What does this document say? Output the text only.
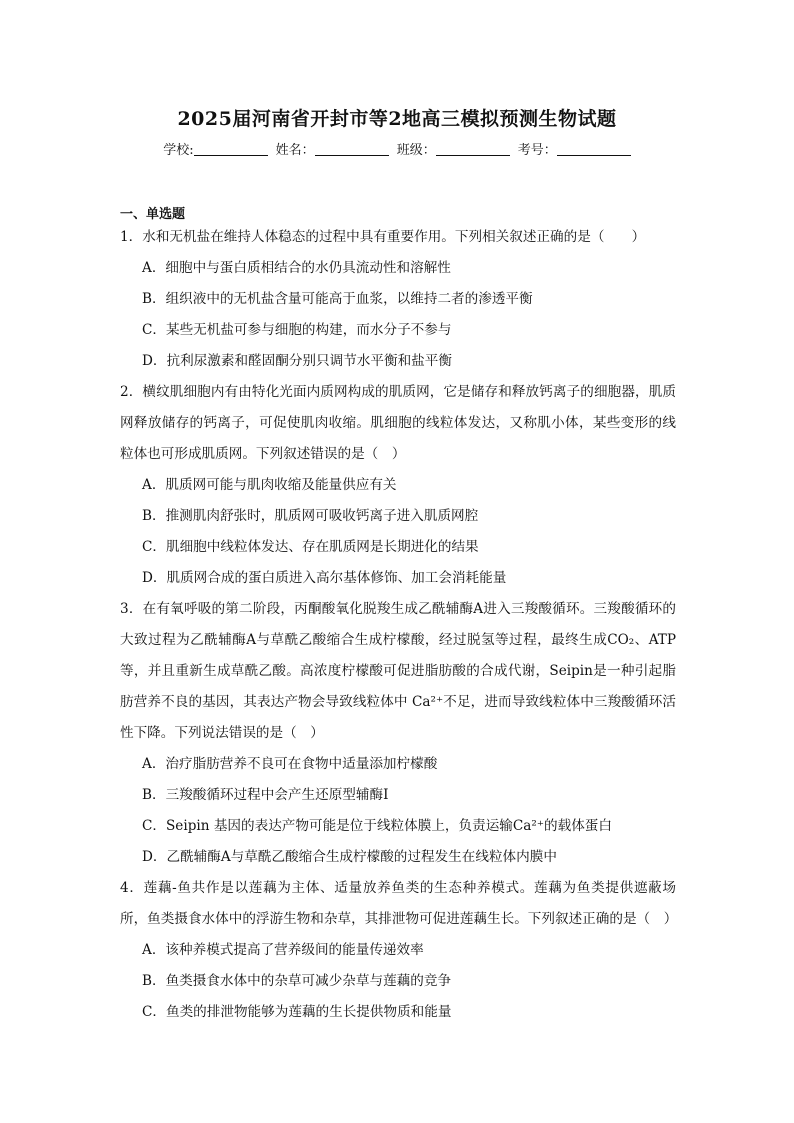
2025届河南省开封市等2地高三模拟预测生物试题
学校:	姓名：	班级：	考号：
一、单选题
1．水和无机盐在维持人体稳态的过程中具有重要作用。下列相关叙述正确的是（　　）
A．细胞中与蛋白质相结合的水仍具流动性和溶解性
B．组织液中的无机盐含量可能高于血浆，以维持二者的渗透平衡
C．某些无机盐可参与细胞的构建，而水分子不参与
D．抗利尿激素和醛固酮分别只调节水平衡和盐平衡
2．横纹肌细胞内有由特化光面内质网构成的肌质网，它是储存和释放钙离子的细胞器，肌质网释放储存的钙离子，可促使肌肉收缩。肌细胞的线粒体发达，又称肌小体，某些变形的线粒体也可形成肌质网。下列叙述错误的是（　）
A．肌质网可能与肌肉收缩及能量供应有关
B．推测肌肉舒张时，肌质网可吸收钙离子进入肌质网腔
C．肌细胞中线粒体发达、存在肌质网是长期进化的结果
D．肌质网合成的蛋白质进入高尔基体修饰、加工会消耗能量
3．在有氧呼吸的第二阶段，丙酮酸氧化脱羧生成乙酰辅酶A进入三羧酸循环。三羧酸循环的大致过程为乙酰辅酶A与草酰乙酸缩合生成柠檬酸，经过脱氢等过程，最终生成CO₂、ATP等，并且重新生成草酰乙酸。高浓度柠檬酸可促进脂肪酸的合成代谢，Seipin是一种引起脂肪营养不良的基因，其表达产物会导致线粒体中 Ca²⁺不足，进而导致线粒体中三羧酸循环活性下降。下列说法错误的是（　）
A．治疗脂肪营养不良可在食物中适量添加柠檬酸
B．三羧酸循环过程中会产生还原型辅酶Ⅰ
C．Seipin 基因的表达产物可能是位于线粒体膜上，负责运输Ca²⁺的载体蛋白
D．乙酰辅酶A与草酰乙酸缩合生成柠檬酸的过程发生在线粒体内膜中
4．莲藕-鱼共作是以莲藕为主体、适量放养鱼类的生态种养模式。莲藕为鱼类提供遮蔽场所，鱼类摄食水体中的浮游生物和杂草，其排泄物可促进莲藕生长。下列叙述正确的是（　）
A．该种养模式提高了营养级间的能量传递效率
B．鱼类摄食水体中的杂草可减少杂草与莲藕的竞争
C．鱼类的排泄物能够为莲藕的生长提供物质和能量
